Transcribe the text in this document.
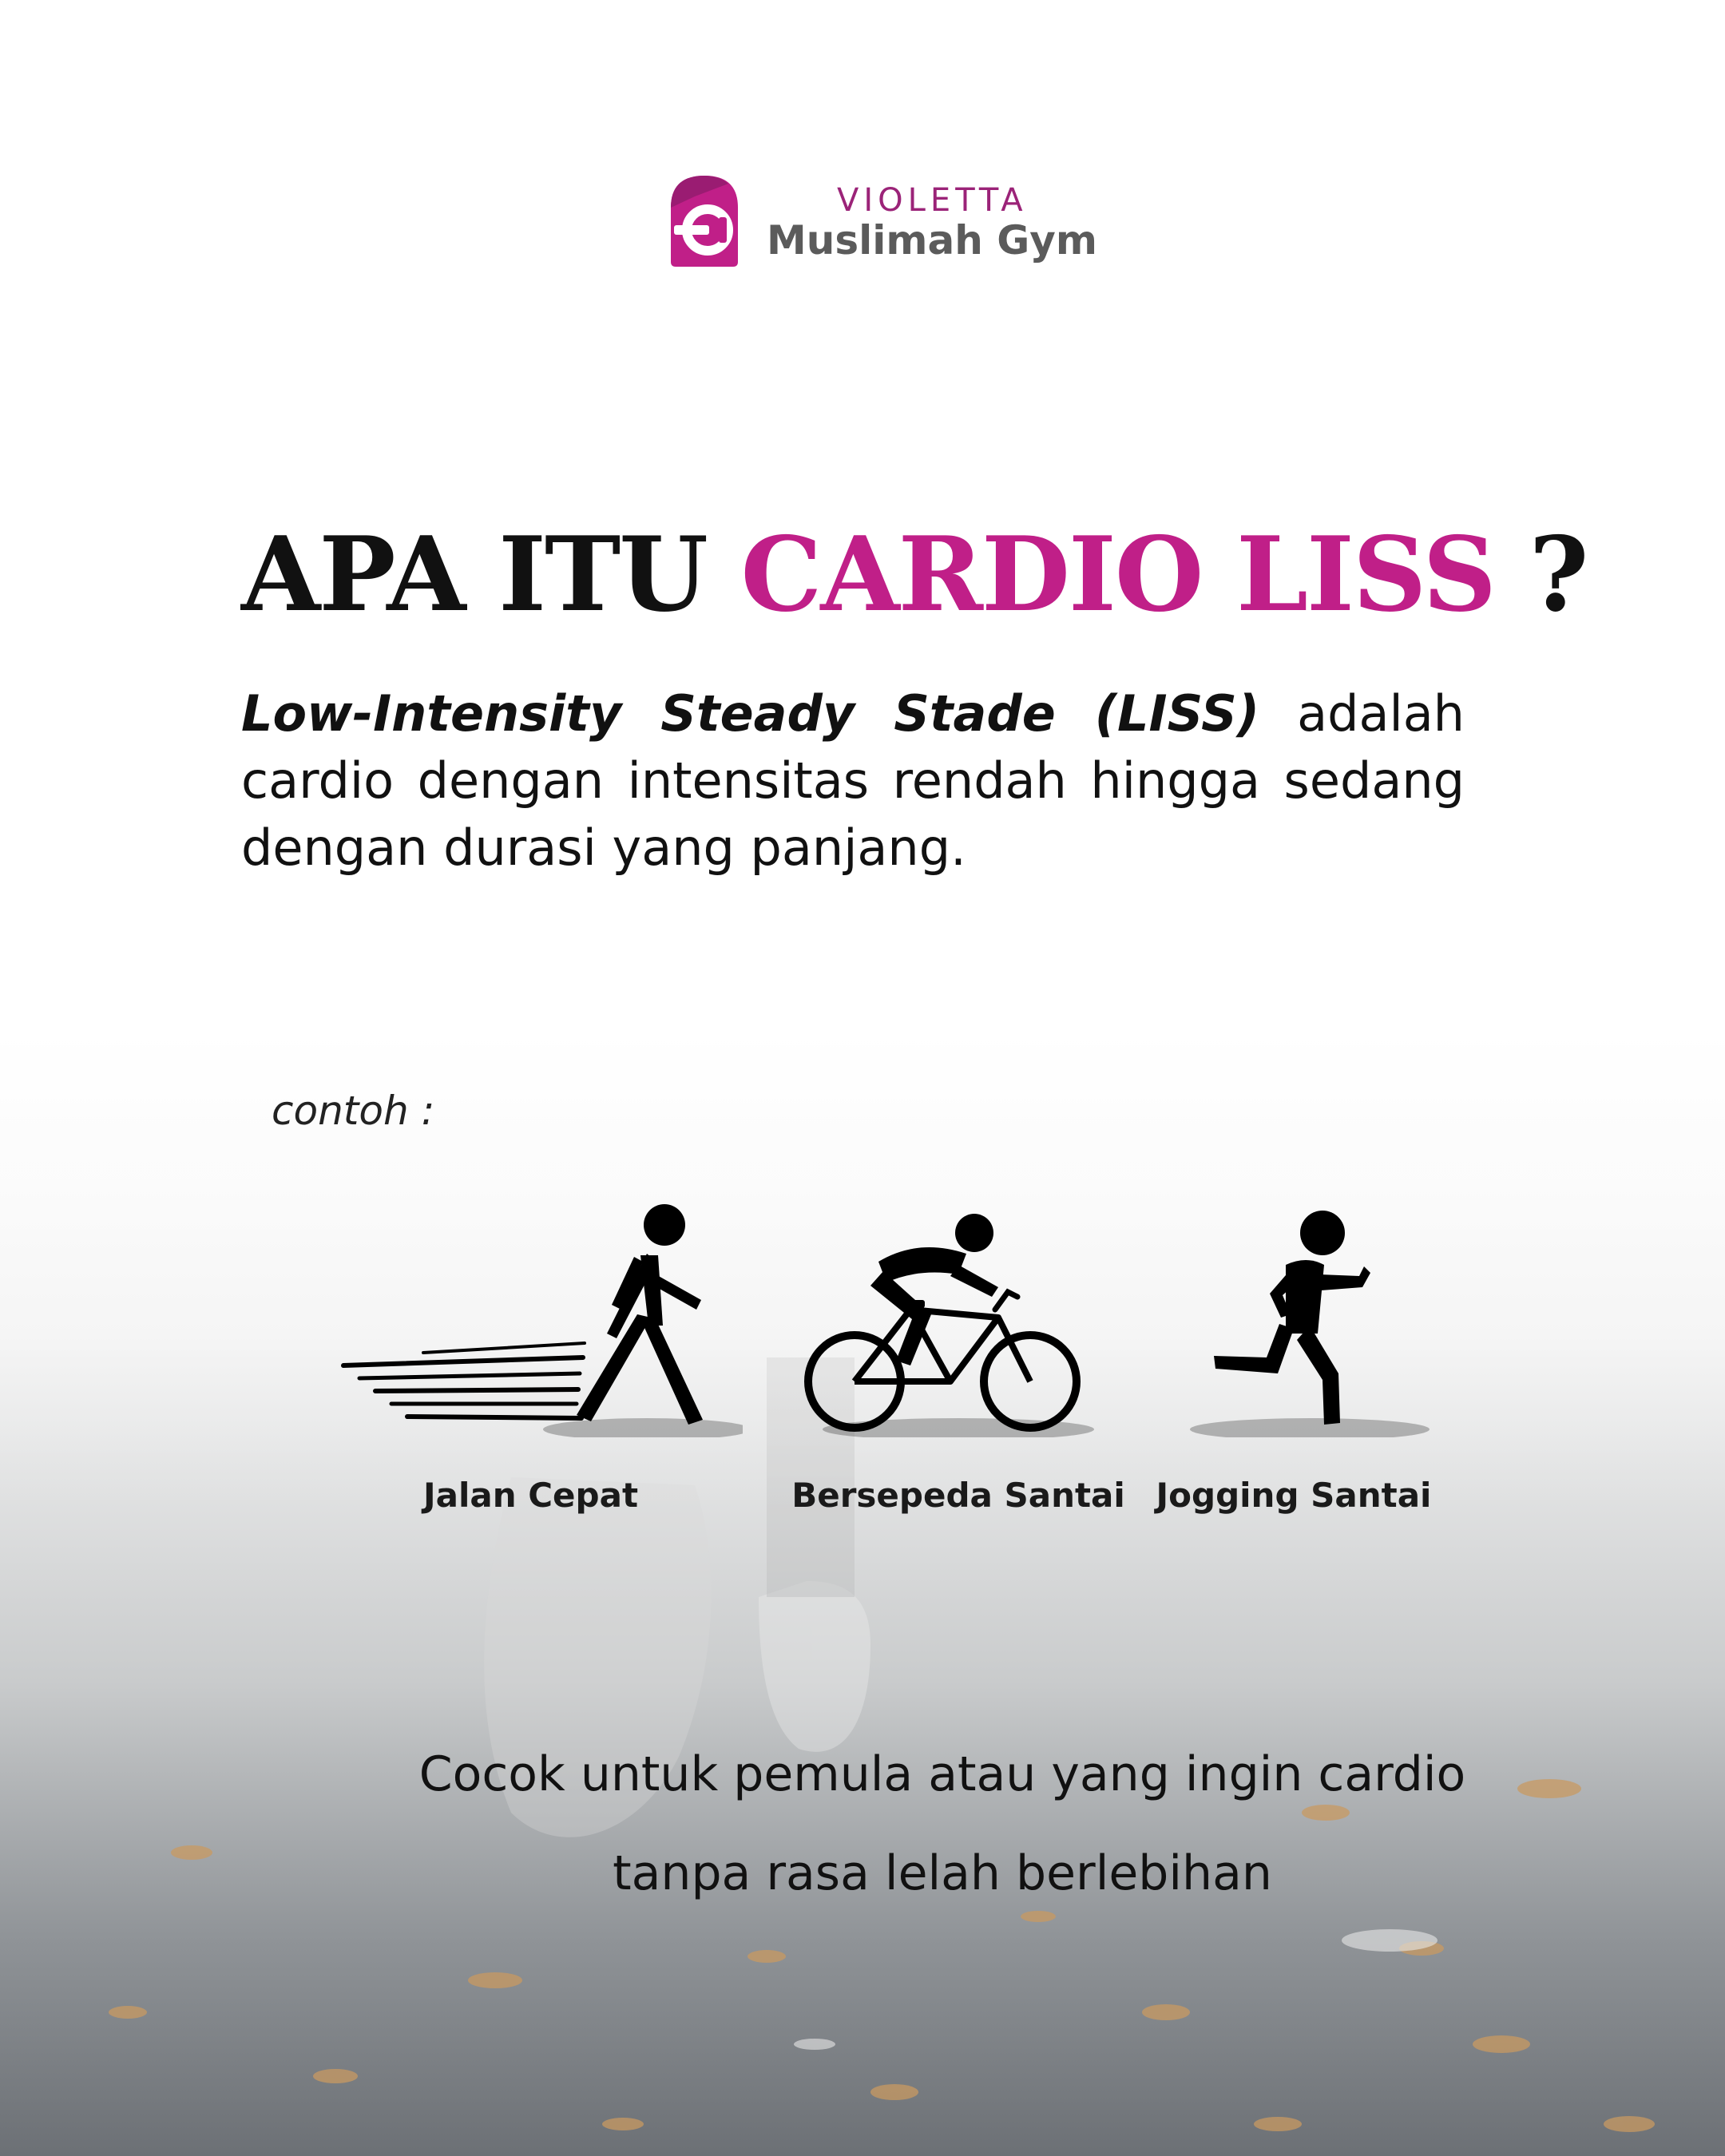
VIOLETTA
Muslimah Gym
APA ITU CARDIO LISS ?

Low-Intensity Steady Stade (LISS) adalah cardio dengan intensitas rendah hingga sedang dengan durasi yang panjang.

contoh :
Jalan Cepat	Bersepeda Santai Jogging Santai

Cocok untuk pemula atau yang ingin cardio
tanpa rasa lelah berlebihan
